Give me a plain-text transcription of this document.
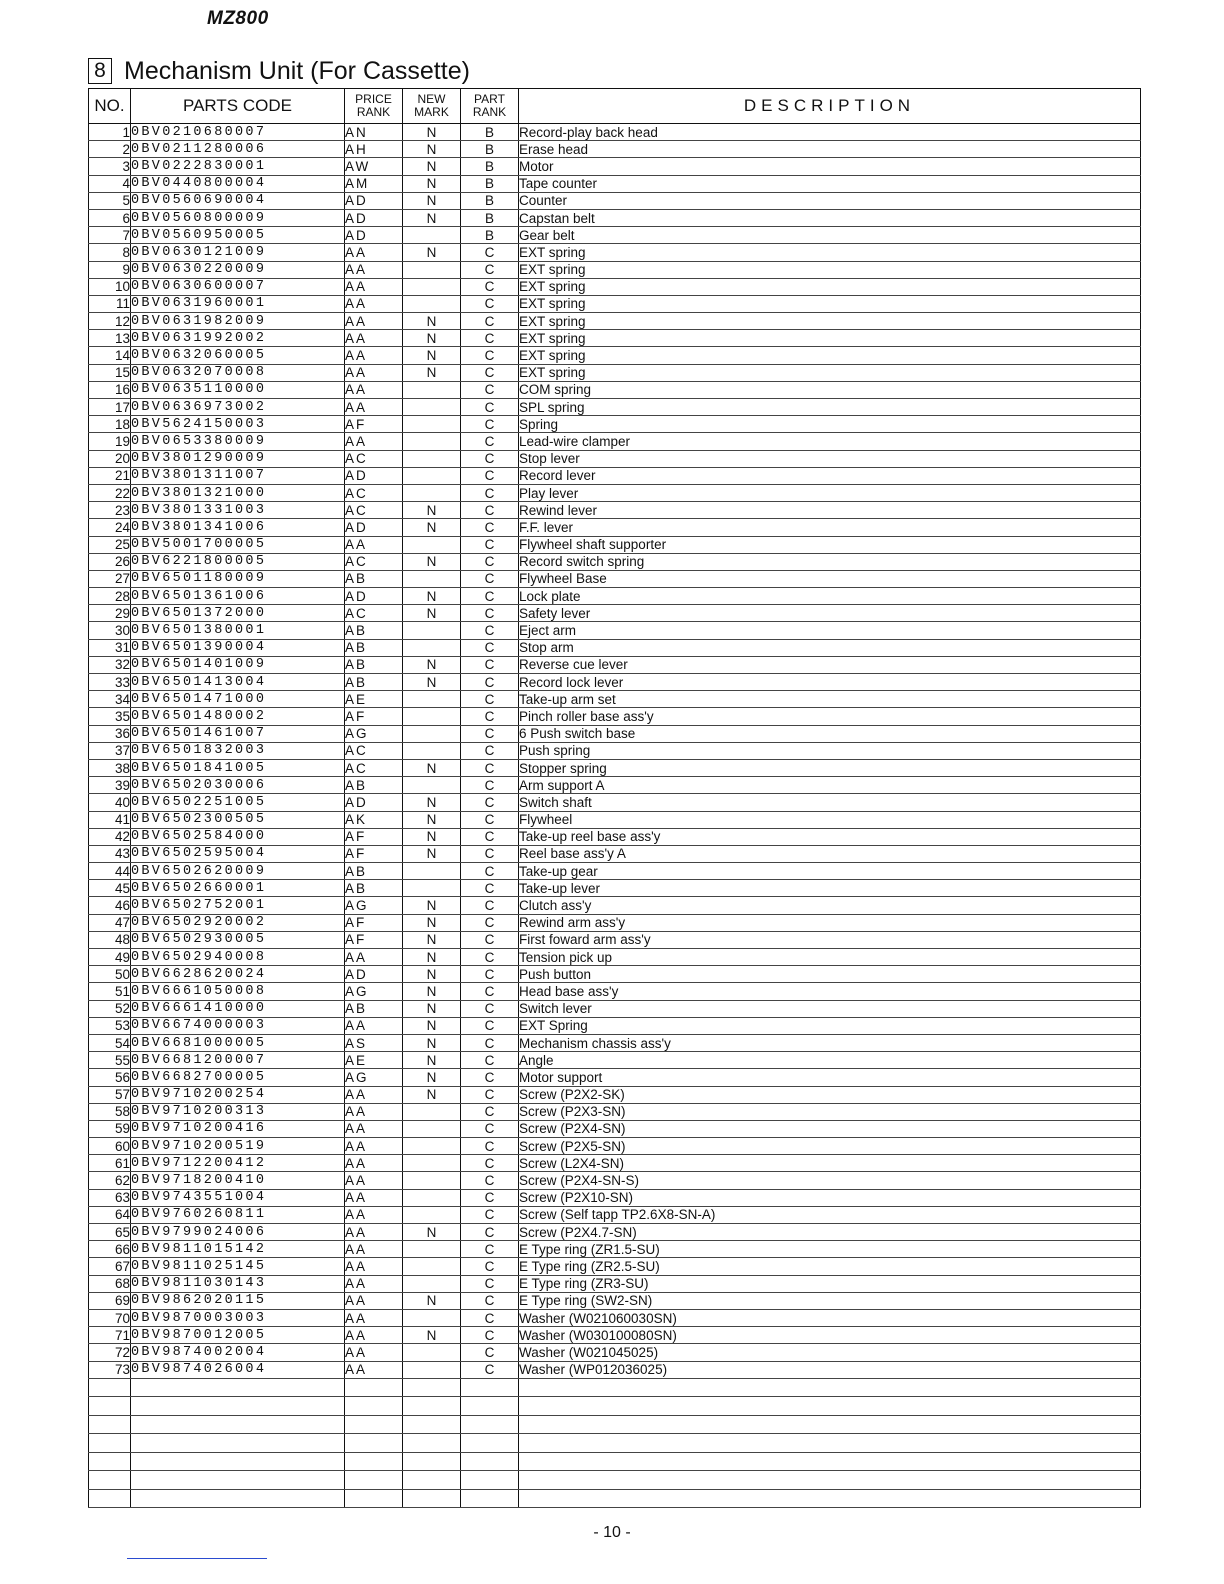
MZ800
8 Mechanism Unit (For Cassette)
NO.	PARTS CODE	PRICE RANK	NEW MARK	PART RANK	DESCRIPTION
1	0BV0210680007	AN	N	B	Record-play back head
2	0BV0211280006	AH	N	B	Erase head
3	0BV0222830001	AW	N	B	Motor
4	0BV0440800004	AM	N	B	Tape counter
5	0BV0560690004	AD	N	B	Counter
6	0BV0560800009	AD	N	B	Capstan belt
7	0BV0560950005	AD		B	Gear belt
8	0BV0630121009	AA	N	C	EXT spring
9	0BV0630220009	AA		C	EXT spring
10	0BV0630600007	AA		C	EXT spring
11	0BV0631960001	AA		C	EXT spring
12	0BV0631982009	AA	N	C	EXT spring
13	0BV0631992002	AA	N	C	EXT spring
14	0BV0632060005	AA	N	C	EXT spring
15	0BV0632070008	AA	N	C	EXT spring
16	0BV0635110000	AA		C	COM spring
17	0BV0636973002	AA		C	SPL spring
18	0BV5624150003	AF		C	Spring
19	0BV0653380009	AA		C	Lead-wire clamper
20	0BV3801290009	AC		C	Stop lever
21	0BV3801311007	AD		C	Record lever
22	0BV3801321000	AC		C	Play lever
23	0BV3801331003	AC	N	C	Rewind lever
24	0BV3801341006	AD	N	C	F.F. lever
25	0BV5001700005	AA		C	Flywheel shaft supporter
26	0BV6221800005	AC	N	C	Record switch spring
27	0BV6501180009	AB		C	Flywheel Base
28	0BV6501361006	AD	N	C	Lock plate
29	0BV6501372000	AC	N	C	Safety lever
30	0BV6501380001	AB		C	Eject arm
31	0BV6501390004	AB		C	Stop arm
32	0BV6501401009	AB	N	C	Reverse cue lever
33	0BV6501413004	AB	N	C	Record lock lever
34	0BV6501471000	AE		C	Take-up arm set
35	0BV6501480002	AF		C	Pinch roller base ass'y
36	0BV6501461007	AG		C	6 Push switch base
37	0BV6501832003	AC		C	Push spring
38	0BV6501841005	AC	N	C	Stopper spring
39	0BV6502030006	AB		C	Arm support A
40	0BV6502251005	AD	N	C	Switch shaft
41	0BV6502300505	AK	N	C	Flywheel
42	0BV6502584000	AF	N	C	Take-up reel base ass'y
43	0BV6502595004	AF	N	C	Reel base ass'y A
44	0BV6502620009	AB		C	Take-up gear
45	0BV6502660001	AB		C	Take-up lever
46	0BV6502752001	AG	N	C	Clutch ass'y
47	0BV6502920002	AF	N	C	Rewind arm ass'y
48	0BV6502930005	AF	N	C	First foward arm ass'y
49	0BV6502940008	AA	N	C	Tension pick up
50	0BV6628620024	AD	N	C	Push button
51	0BV6661050008	AG	N	C	Head base ass'y
52	0BV6661410000	AB	N	C	Switch lever
53	0BV6674000003	AA	N	C	EXT Spring
54	0BV6681000005	AS	N	C	Mechanism chassis ass'y
55	0BV6681200007	AE	N	C	Angle
56	0BV6682700005	AG	N	C	Motor support
57	0BV9710200254	AA	N	C	Screw (P2X2-SK)
58	0BV9710200313	AA		C	Screw (P2X3-SN)
59	0BV9710200416	AA		C	Screw (P2X4-SN)
60	0BV9710200519	AA		C	Screw (P2X5-SN)
61	0BV9712200412	AA		C	Screw (L2X4-SN)
62	0BV9718200410	AA		C	Screw (P2X4-SN-S)
63	0BV9743551004	AA		C	Screw (P2X10-SN)
64	0BV9760260811	AA		C	Screw (Self tapp TP2.6X8-SN-A)
65	0BV9799024006	AA	N	C	Screw (P2X4.7-SN)
66	0BV9811015142	AA		C	E Type ring (ZR1.5-SU)
67	0BV9811025145	AA		C	E Type ring (ZR2.5-SU)
68	0BV9811030143	AA		C	E Type ring (ZR3-SU)
69	0BV9862020115	AA	N	C	E Type ring (SW2-SN)
70	0BV9870003003	AA		C	Washer (W021060030SN)
71	0BV9870012005	AA	N	C	Washer (W030100080SN)
72	0BV9874002004	AA		C	Washer (W021045025)
73	0BV9874026004	AA		C	Washer (WP012036025)

- 10 -
